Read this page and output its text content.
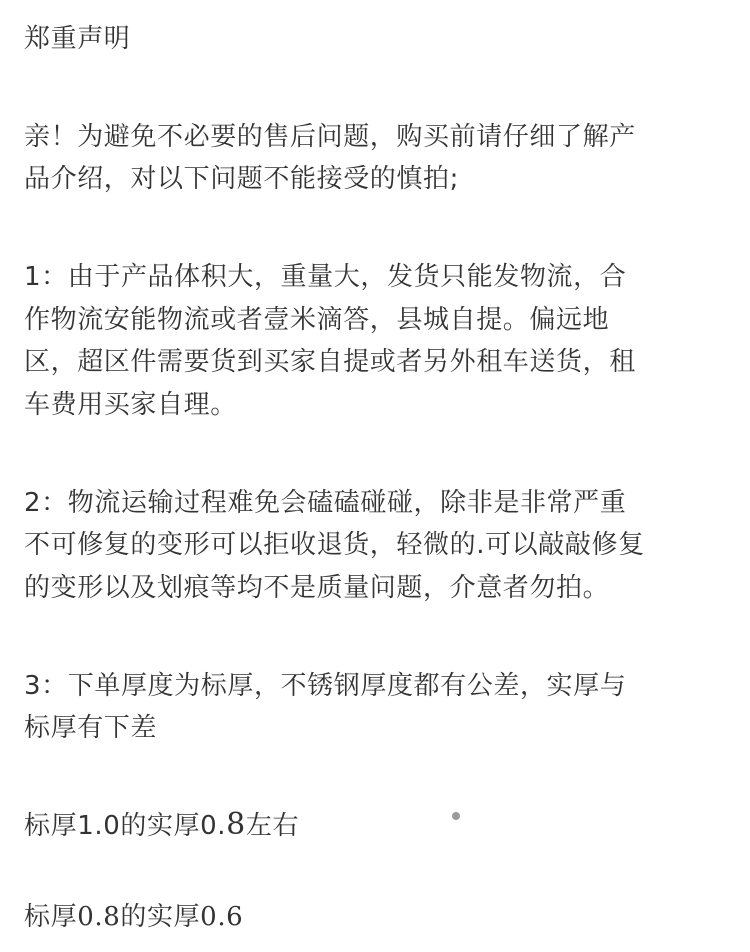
郑重声明
亲！为避免不必要的售后问题，购买前请仔细了解产
品介绍，对以下问题不能接受的慎拍;
1：由于产品体积大，重量大，发货只能发物流，合
作物流安能物流或者壹米滴答，县城自提。偏远地
区，超区件需要货到买家自提或者另外租车送货，租
车费用买家自理。
2：物流运输过程难免会磕磕碰碰，除非是非常严重
不可修复的变形可以拒收退货，轻微的.可以敲敲修复
的变形以及划痕等均不是质量问题，介意者勿拍。
3：下单厚度为标厚，不锈钢厚度都有公差，实厚与
标厚有下差
标厚1.0的实厚0.8左右
标厚0.8的实厚0.6
